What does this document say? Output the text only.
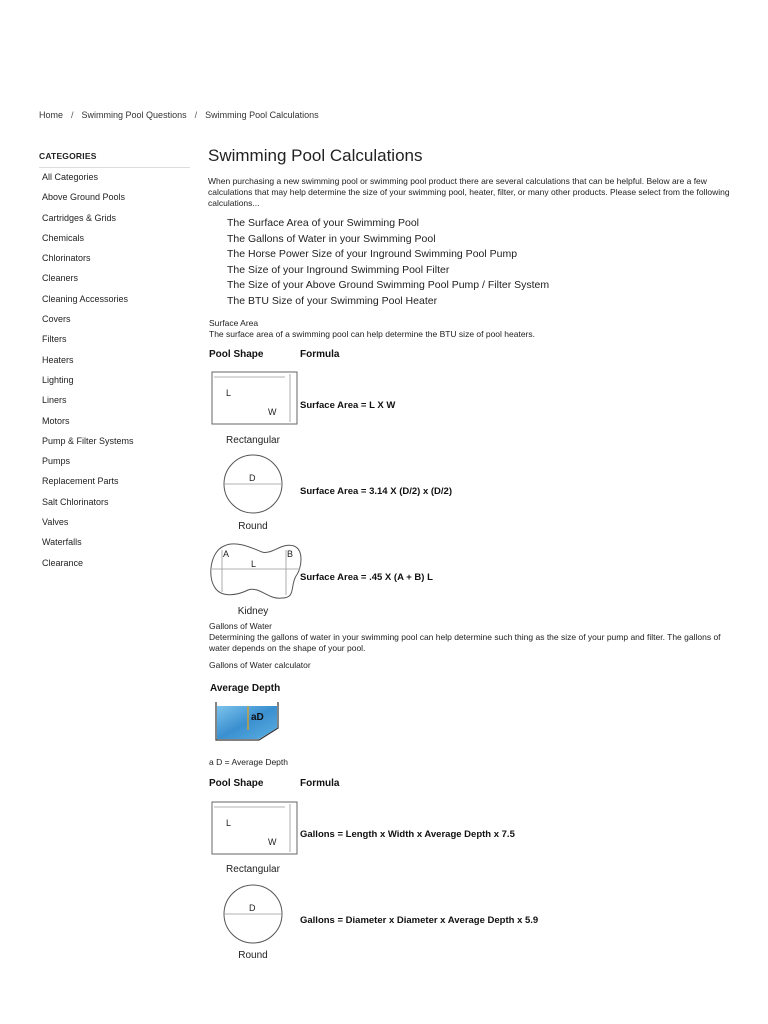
Home / Swimming Pool Questions / Swimming Pool Calculations
CATEGORIES
All Categories
Above Ground Pools
Cartridges & Grids
Chemicals
Chlorinators
Cleaners
Cleaning Accessories
Covers
Filters
Heaters
Lighting
Liners
Motors
Pump & Filter Systems
Pumps
Replacement Parts
Salt Chlorinators
Valves
Waterfalls
Clearance
Swimming Pool Calculations
When purchasing a new swimming pool or swimming pool product there are several calculations that can be helpful. Below are a few calculations that may help determine the size of your swimming pool, heater, filter, or many other products. Please select from the following calculations...
The Surface Area of your Swimming Pool
The Gallons of Water in your Swimming Pool
The Horse Power Size of your Inground Swimming Pool Pump
The Size of your Inground Swimming Pool Filter
The Size of your Above Ground Swimming Pool Pump / Filter System
The BTU Size of your Swimming Pool Heater
Surface Area
The surface area of a swimming pool can help determine the BTU size of pool heaters.
Pool Shape	Formula
L
W
Surface Area = L X W
Rectangular
D
Surface Area = 3.14 X (D/2) x (D/2)
Round
A	B
L
Surface Area = .45 X (A + B) L
Kidney
Gallons of Water
Determining the gallons of water in your swimming pool can help determine such thing as the size of your pump and filter. The gallons of water depends on the shape of your pool.
Gallons of Water calculator
Average Depth
aD
a D = Average Depth
Pool Shape	Formula
L
W
Gallons = Length x Width x Average Depth x 7.5
Rectangular
D
Gallons = Diameter x Diameter x Average Depth x 5.9
Round
